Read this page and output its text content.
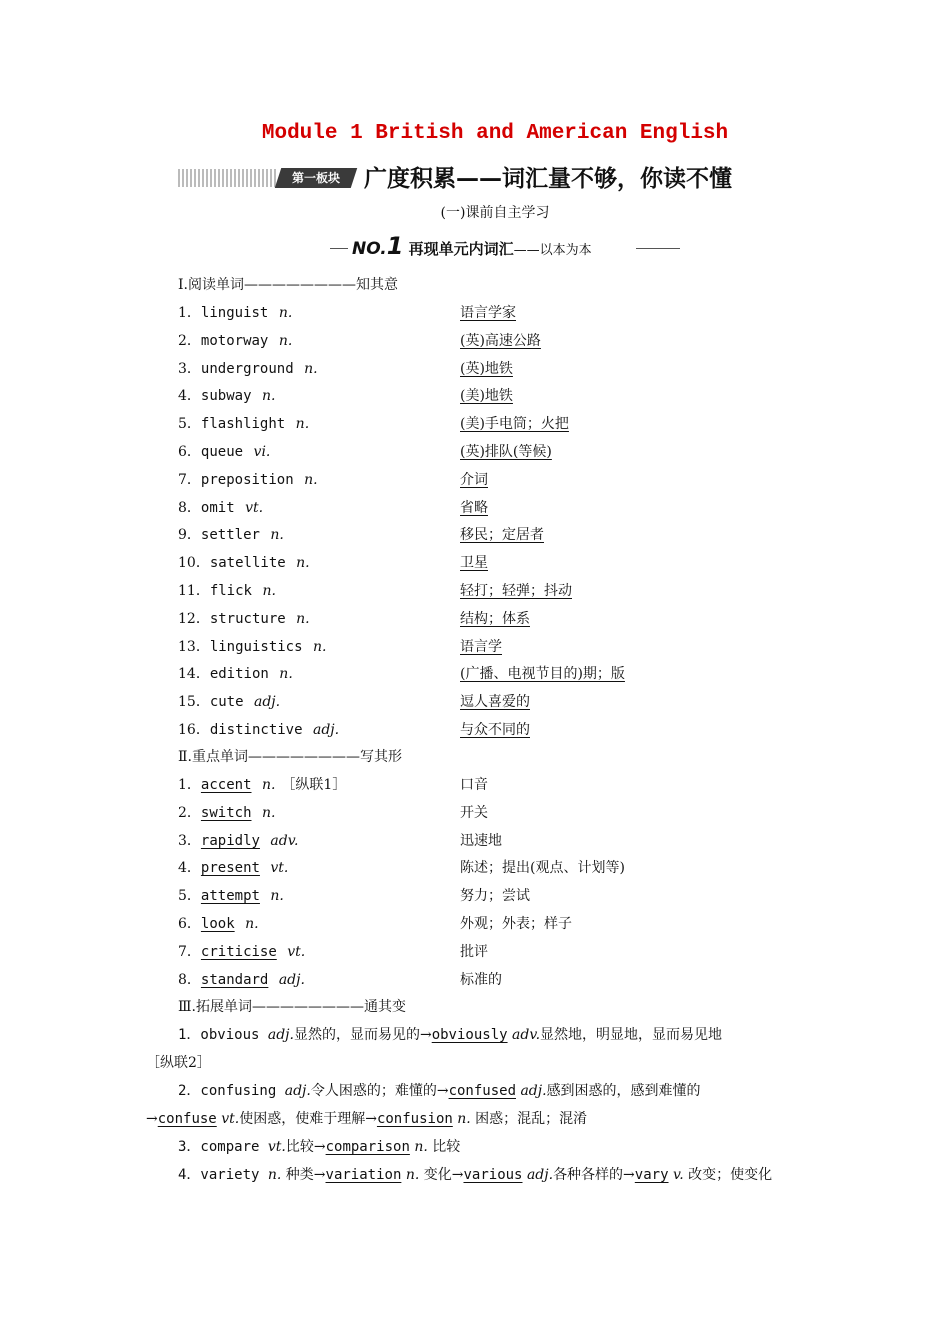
Module 1 British and American English
第一板块	广度积累——词汇量不够，你读不懂
(一)课前自主学习
NO.1 再现单元内词汇——以本为本
Ⅰ.阅读单词————————知其意
1．linguist n.	语言学家
2．motorway n.	(英)高速公路
3．underground n.	(英)地铁
4．subway n.	(美)地铁
5．flashlight n.	(美)手电筒；火把
6．queue vi.	(英)排队(等候)
7．preposition n.	介词
8．omit vt.	省略
9．settler n.	移民；定居者
10．satellite n.	卫星
11．flick n.	轻打；轻弹；抖动
12．structure n.	结构；体系
13．linguistics n.	语言学
14．edition n.	(广播、电视节目的)期；版
15．cute adj.	逗人喜爱的
16．distinctive adj.	与众不同的
Ⅱ.重点单词————————写其形
1．accent n. ［纵联1］	口音
2．switch n.	开关
3．rapidly adv.	迅速地
4．present vt.	陈述；提出(观点、计划等)
5．attempt n.	努力；尝试
6．look n.	外观；外表；样子
7．criticise vt.	批评
8．standard adj.	标准的
Ⅲ.拓展单词————————通其变
1．obvious adj.显然的，显而易见的→obviously adv.显然地，明显地，显而易见地
［纵联2］
2．confusing adj.令人困惑的；难懂的→confused adj.感到困惑的，感到难懂的
→confuse vt.使困惑，使难于理解→confusion n. 困惑；混乱；混淆
3．compare vt.比较→comparison n. 比较
4．variety n. 种类→variation n. 变化→various adj.各种各样的→vary v. 改变；使变化
